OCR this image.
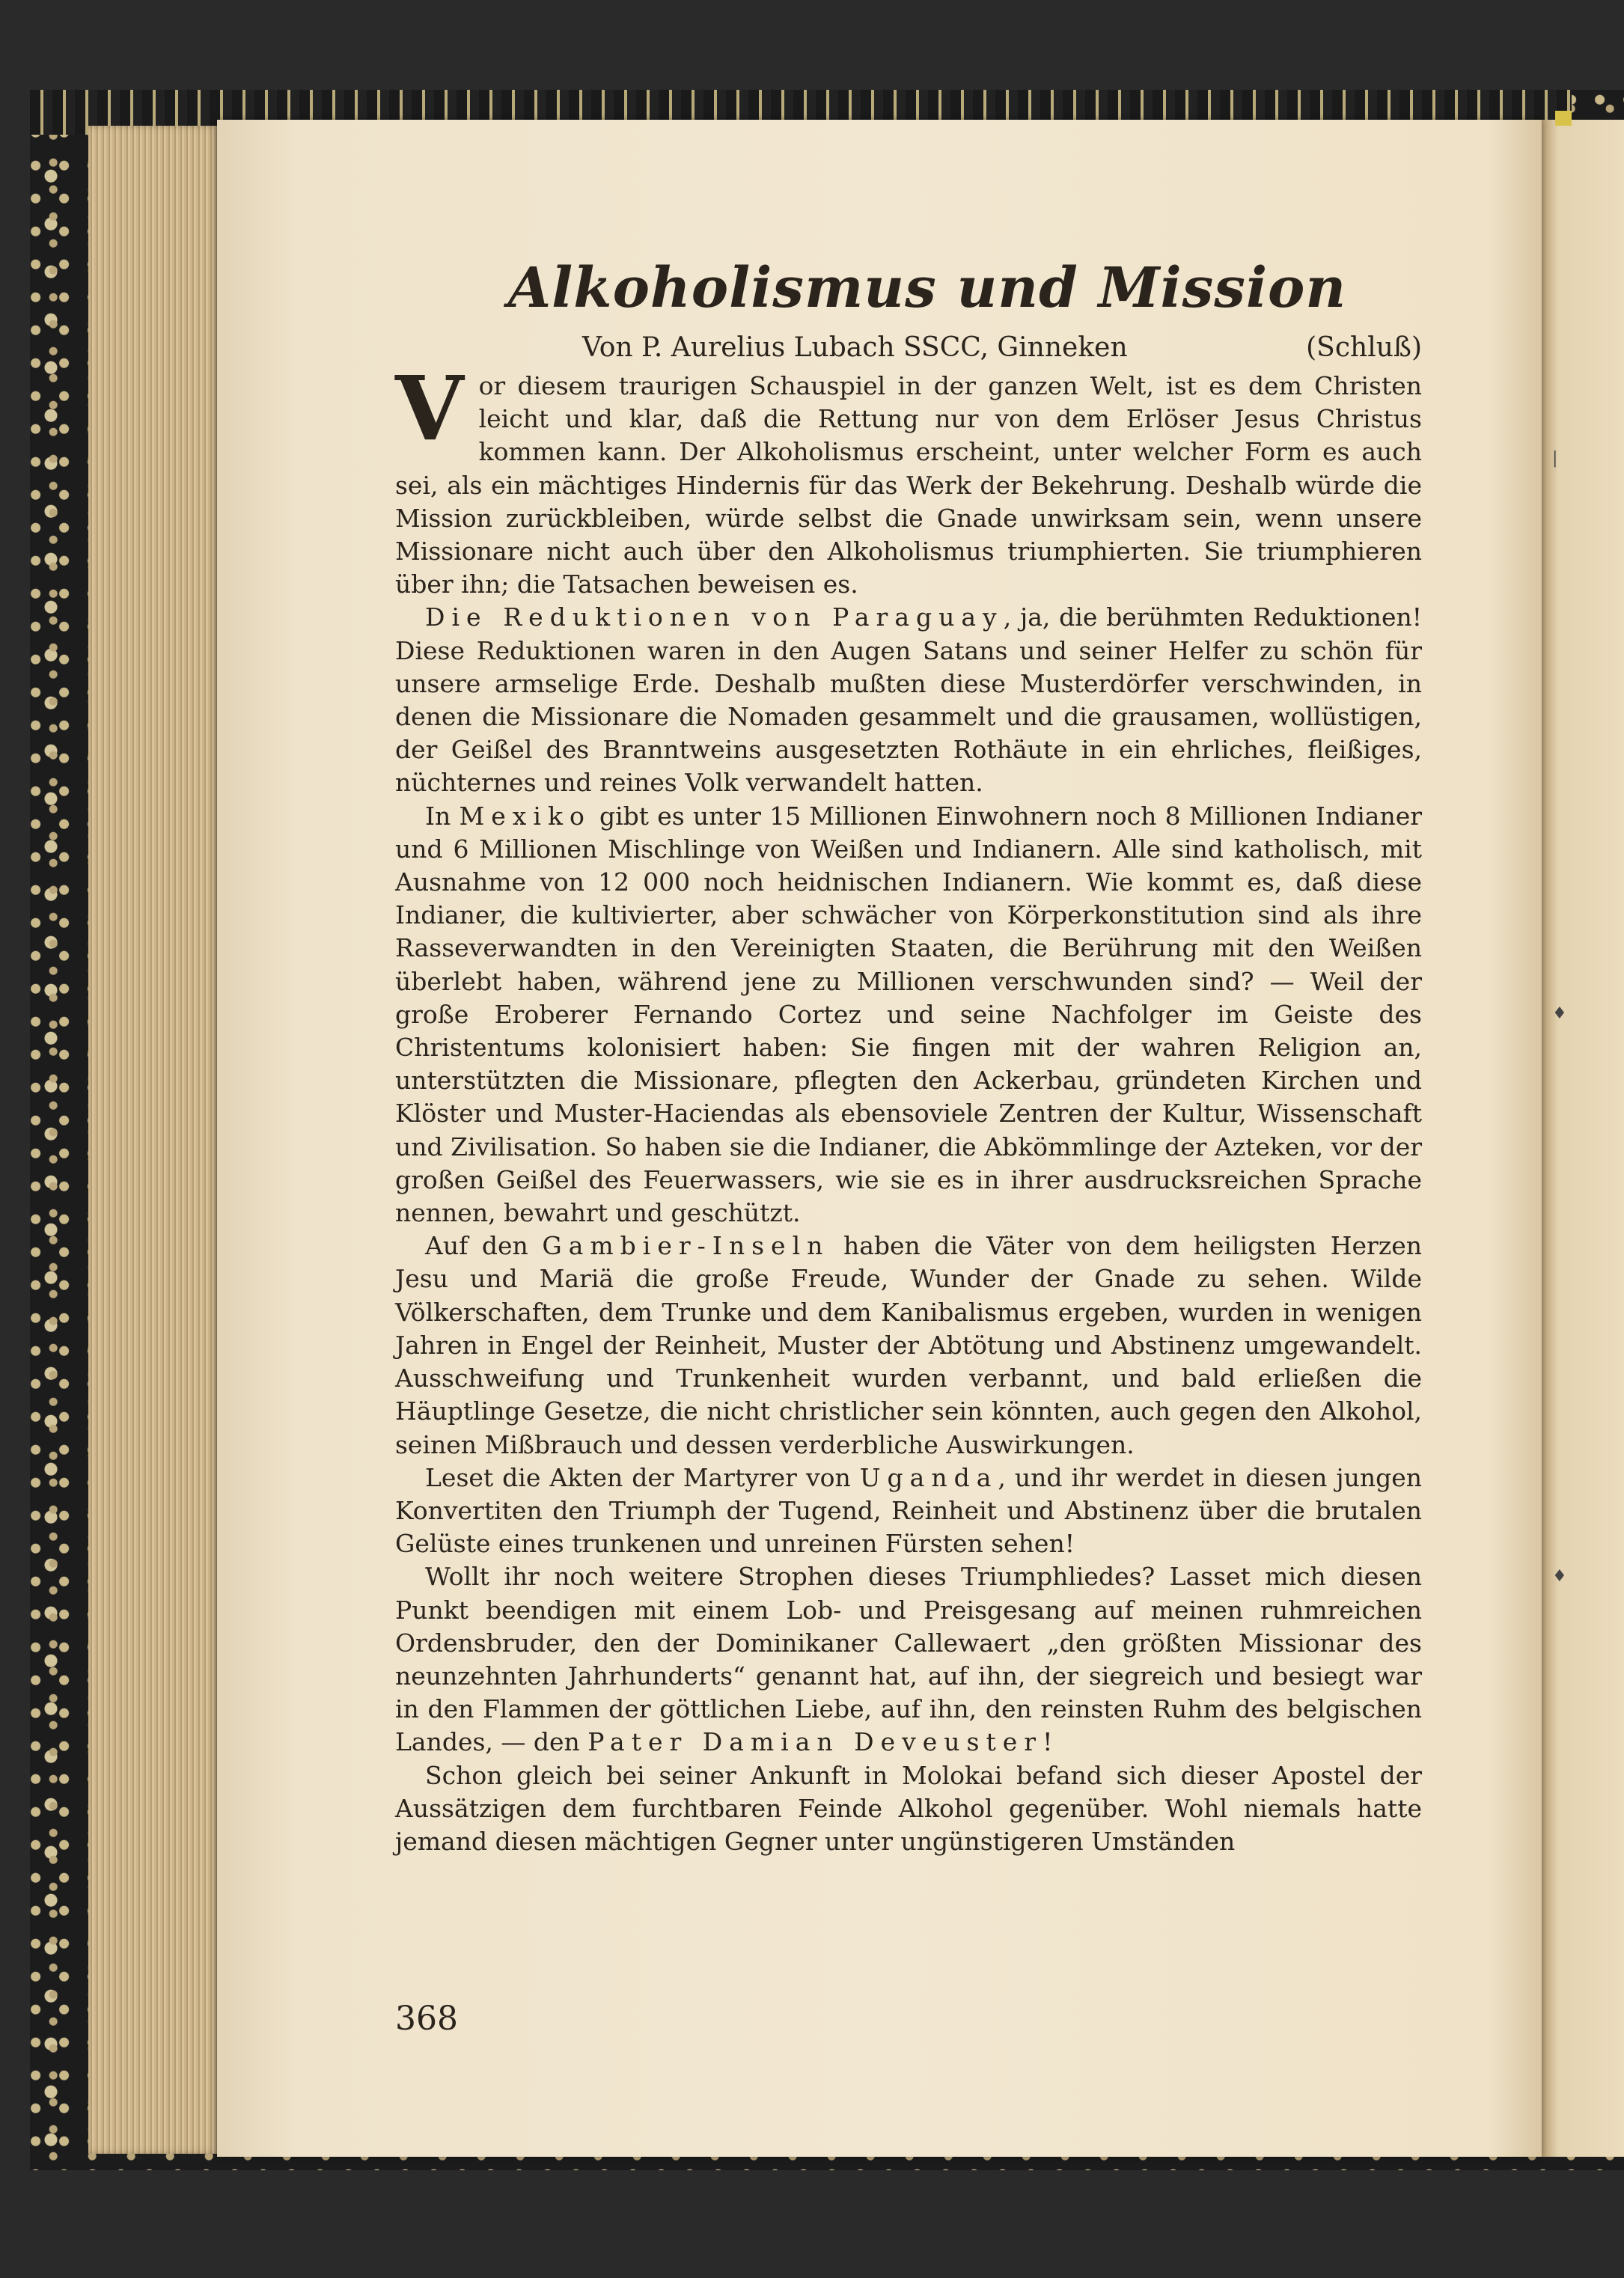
|
♦
♦
Alkoholismus und Mission
Von P. Aurelius Lubach SSCC, Ginneken	(Schluß)

Vor diesem traurigen Schauspiel in der ganzen Welt, ist es dem Christen leicht und klar, daß die Rettung nur von dem Erlöser Jesus Christus kommen kann. Der Alkoholismus erscheint, unter welcher Form es auch sei, als ein mächtiges Hindernis für das Werk der Bekehrung. Deshalb würde die Mission zurückbleiben, würde selbst die Gnade unwirksam sein, wenn unsere Missionare nicht auch über den Alkoholismus triumphierten. Sie triumphieren über ihn; die Tatsachen beweisen es.

Die Reduktionen von Paraguay, ja, die berühmten Reduktionen! Diese Reduktionen waren in den Augen Satans und seiner Helfer zu schön für unsere armselige Erde. Deshalb mußten diese Musterdörfer verschwinden, in denen die Missionare die Nomaden gesammelt und die grausamen, wollüstigen, der Geißel des Branntweins ausgesetzten Rothäute in ein ehrliches, fleißiges, nüchternes und reines Volk verwandelt hatten.

In Mexiko gibt es unter 15 Millionen Einwohnern noch 8 Millionen Indianer und 6 Millionen Mischlinge von Weißen und Indianern. Alle sind katholisch, mit Ausnahme von 12 000 noch heidnischen Indianern. Wie kommt es, daß diese Indianer, die kultivierter, aber schwächer von Körperkonstitution sind als ihre Rasseverwandten in den Vereinigten Staaten, die Berührung mit den Weißen überlebt haben, während jene zu Millionen verschwunden sind? — Weil der große Eroberer Fernando Cortez und seine Nachfolger im Geiste des Christentums kolonisiert haben: Sie fingen mit der wahren Religion an, unterstützten die Missionare, pflegten den Ackerbau, gründeten Kirchen und Klöster und Muster-Haciendas als ebensoviele Zentren der Kultur, Wissenschaft und Zivilisation. So haben sie die Indianer, die Abkömmlinge der Azteken, vor der großen Geißel des Feuerwassers, wie sie es in ihrer ausdrucksreichen Sprache nennen, bewahrt und geschützt.

Auf den Gambier-Inseln haben die Väter von dem heiligsten Herzen Jesu und Mariä die große Freude, Wunder der Gnade zu sehen. Wilde Völkerschaften, dem Trunke und dem Kanibalismus ergeben, wurden in wenigen Jahren in Engel der Reinheit, Muster der Abtötung und Abstinenz umgewandelt. Ausschweifung und Trunkenheit wurden verbannt, und bald erließen die Häuptlinge Gesetze, die nicht christlicher sein könnten, auch gegen den Alkohol, seinen Mißbrauch und dessen verderbliche Auswirkungen.

Leset die Akten der Martyrer von Uganda, und ihr werdet in diesen jungen Konvertiten den Triumph der Tugend, Reinheit und Abstinenz über die brutalen Gelüste eines trunkenen und unreinen Fürsten sehen!

Wollt ihr noch weitere Strophen dieses Triumphliedes? Lasset mich diesen Punkt beendigen mit einem Lob- und Preisgesang auf meinen ruhmreichen Ordensbruder, den der Dominikaner Callewaert „den größten Missionar des neunzehnten Jahrhunderts“ genannt hat, auf ihn, der siegreich und besiegt war in den Flammen der göttlichen Liebe, auf ihn, den reinsten Ruhm des belgischen Landes, — den Pater Damian Deveuster!

Schon gleich bei seiner Ankunft in Molokai befand sich dieser Apostel der Aussätzigen dem furchtbaren Feinde Alkohol gegenüber. Wohl niemals hatte jemand diesen mächtigen Gegner unter ungünstigeren Umständen

368
